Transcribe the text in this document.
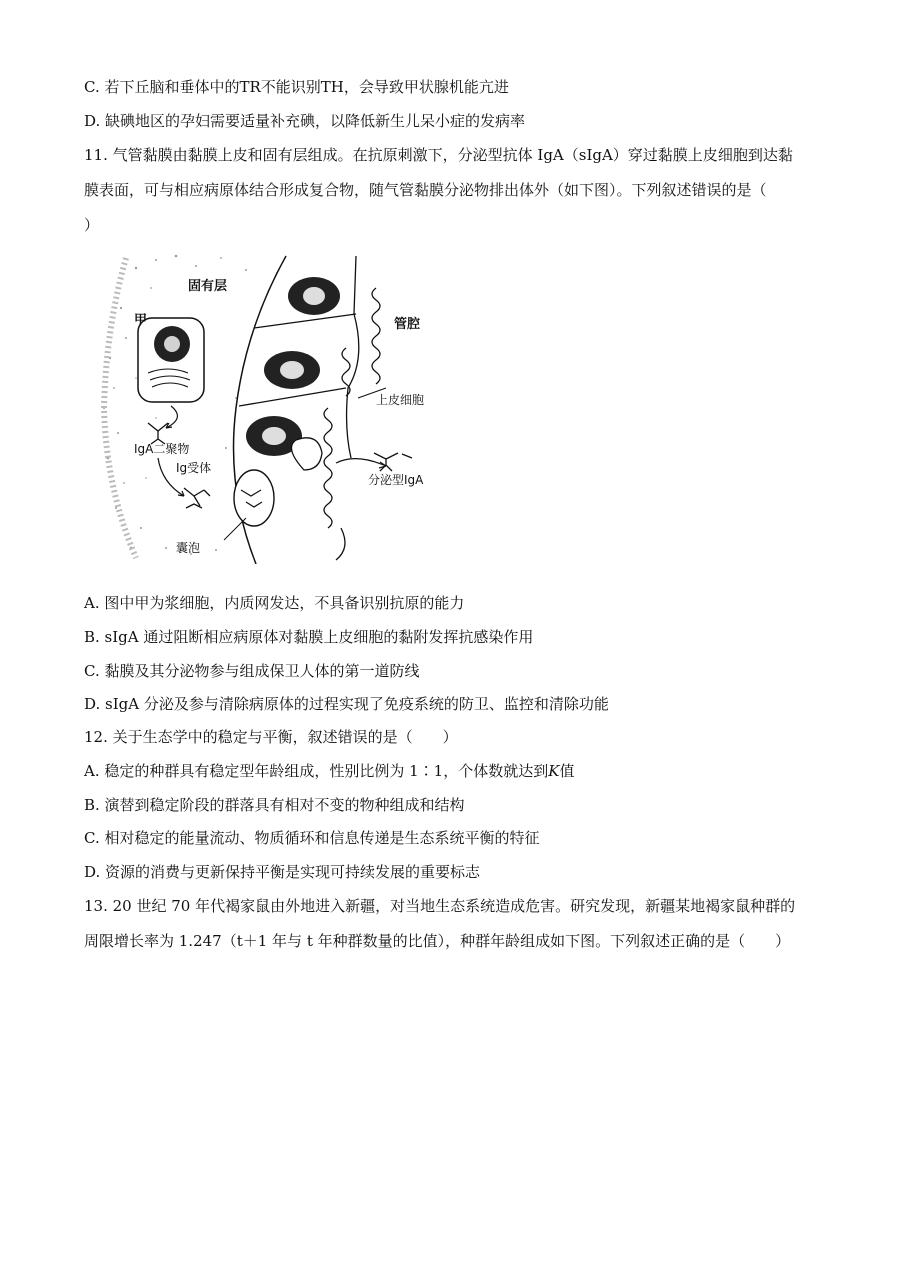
C. 若下丘脑和垂体中的TR不能识别TH，会导致甲状腺机能亢进
D. 缺碘地区的孕妇需要适量补充碘，以降低新生儿呆小症的发病率
11. 气管黏膜由黏膜上皮和固有层组成。在抗原刺激下，分泌型抗体 IgA（sIgA）穿过黏膜上皮细胞到达黏
膜表面，可与相应病原体结合形成复合物，随气管黏膜分泌物排出体外（如下图）。下列叙述错误的是（
）
固有层
甲	管腔
上皮细胞
IgA二聚物
Ig受体
分泌型IgA
囊泡
A. 图中甲为浆细胞，内质网发达，不具备识别抗原的能力
B. sIgA 通过阻断相应病原体对黏膜上皮细胞的黏附发挥抗感染作用
C. 黏膜及其分泌物参与组成保卫人体的第一道防线
D. sIgA 分泌及参与清除病原体的过程实现了免疫系统的防卫、监控和清除功能
12. 关于生态学中的稳定与平衡，叙述错误的是（　　）
A. 稳定的种群具有稳定型年龄组成，性别比例为 1∶1，个体数就达到K值
B. 演替到稳定阶段的群落具有相对不变的物种组成和结构
C. 相对稳定的能量流动、物质循环和信息传递是生态系统平衡的特征
D. 资源的消费与更新保持平衡是实现可持续发展的重要标志
13. 20 世纪 70 年代褐家鼠由外地进入新疆，对当地生态系统造成危害。研究发现，新疆某地褐家鼠种群的
周限增长率为 1.247（t＋1 年与 t 年种群数量的比值），种群年龄组成如下图。下列叙述正确的是（　　）
